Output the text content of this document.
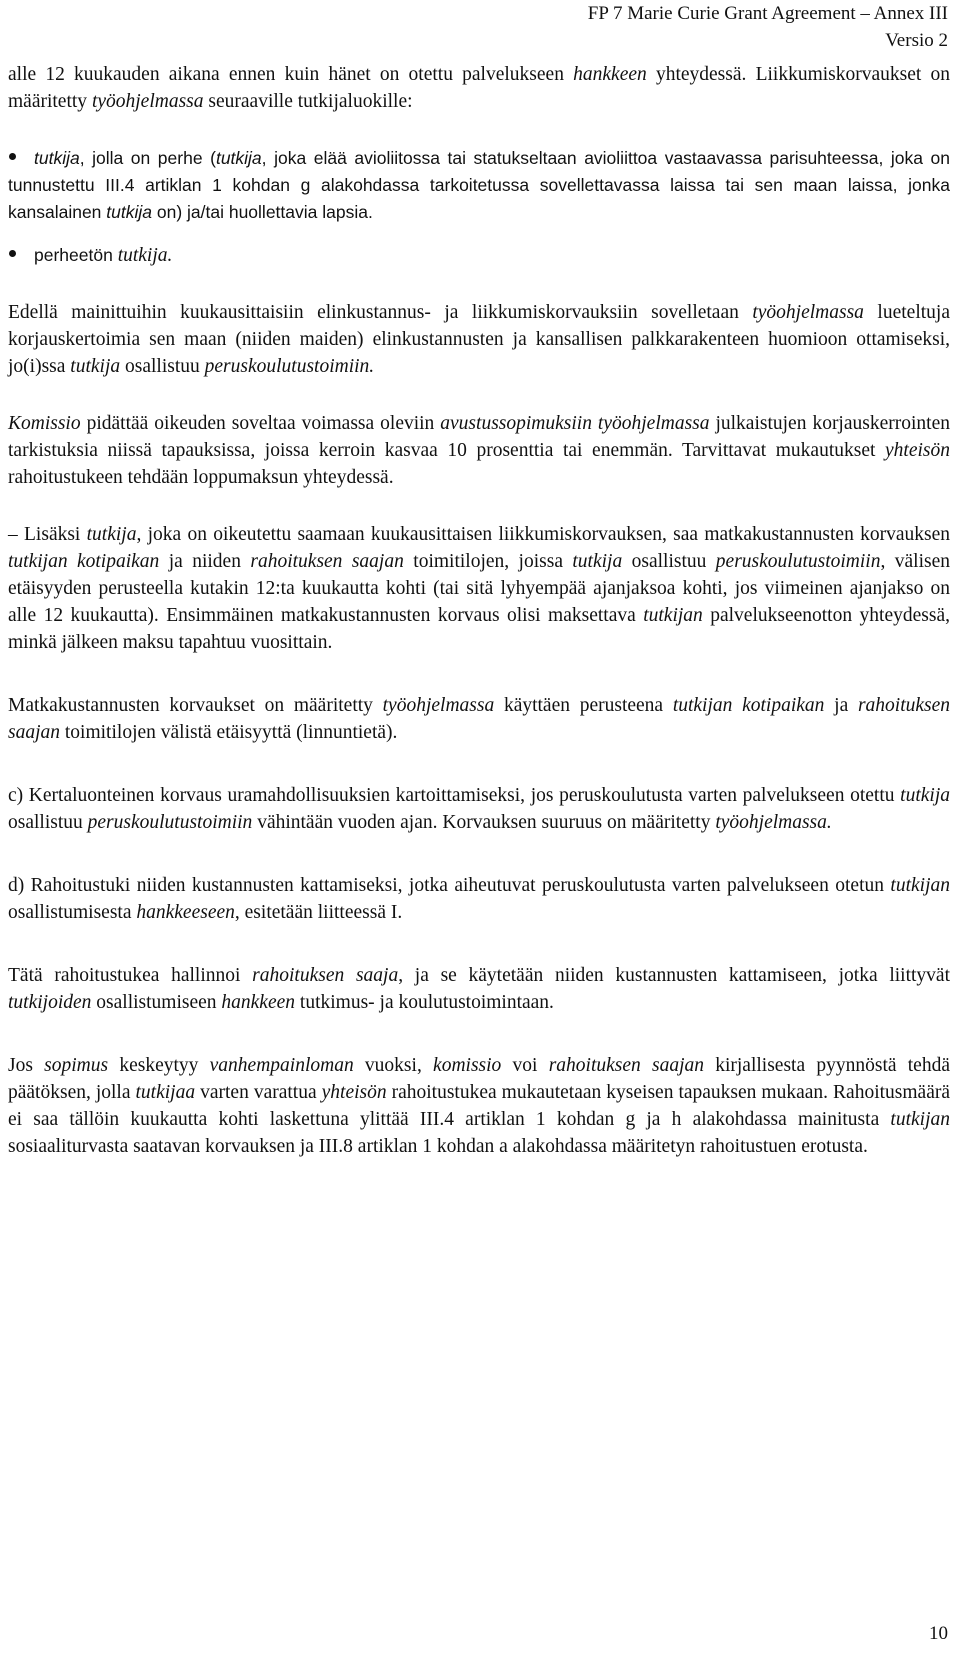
FP 7 Marie Curie Grant Agreement – Annex III
Versio 2

alle 12 kuukauden aikana ennen kuin hänet on otettu palvelukseen hankkeen yhteydessä. Liikkumiskorvaukset on määritetty työohjelmassa seuraaville tutkijaluokille:

tutkija, jolla on perhe (tutkija, joka elää avioliitossa tai statukseltaan avioliittoa vastaavassa parisuhteessa, joka on tunnustettu III.4 artiklan 1 kohdan g alakohdassa tarkoitetussa sovellettavassa laissa tai sen maan laissa, jonka kansalainen tutkija on) ja/tai huollettavia lapsia.

perheetön tutkija.

Edellä mainittuihin kuukausittaisiin elinkustannus- ja liikkumiskorvauksiin sovelletaan työohjelmassa lueteltuja korjauskertoimia sen maan (niiden maiden) elinkustannusten ja kansallisen palkkarakenteen huomioon ottamiseksi, jo(i)ssa tutkija osallistuu peruskoulutustoimiin.

Komissio pidättää oikeuden soveltaa voimassa oleviin avustussopimuksiin työohjelmassa julkaistujen korjauskerrointen tarkistuksia niissä tapauksissa, joissa kerroin kasvaa 10 prosenttia tai enemmän. Tarvittavat mukautukset yhteisön rahoitustukeen tehdään loppumaksun yhteydessä.

– Lisäksi tutkija, joka on oikeutettu saamaan kuukausittaisen liikkumiskorvauksen, saa matkakustannusten korvauksen tutkijan kotipaikan ja niiden rahoituksen saajan toimitilojen, joissa tutkija osallistuu peruskoulutustoimiin, välisen etäisyyden perusteella kutakin 12:ta kuukautta kohti (tai sitä lyhyempää ajanjaksoa kohti, jos viimeinen ajanjakso on alle 12 kuukautta). Ensimmäinen matkakustannusten korvaus olisi maksettava tutkijan palvelukseenotton yhteydessä, minkä jälkeen maksu tapahtuu vuosittain.

Matkakustannusten korvaukset on määritetty työohjelmassa käyttäen perusteena tutkijan kotipaikan ja rahoituksen saajan toimitilojen välistä etäisyyttä (linnuntietä).

c) Kertaluonteinen korvaus uramahdollisuuksien kartoittamiseksi, jos peruskoulutusta varten palvelukseen otettu tutkija osallistuu peruskoulutustoimiin vähintään vuoden ajan. Korvauksen suuruus on määritetty työohjelmassa.

d) Rahoitustuki niiden kustannusten kattamiseksi, jotka aiheutuvat peruskoulutusta varten palvelukseen otetun tutkijan osallistumisesta hankkeeseen, esitetään liitteessä I.

Tätä rahoitustukea hallinnoi rahoituksen saaja, ja se käytetään niiden kustannusten kattamiseen, jotka liittyvät tutkijoiden osallistumiseen hankkeen tutkimus- ja koulutustoimintaan.

Jos sopimus keskeytyy vanhempainloman vuoksi, komissio voi rahoituksen saajan kirjallisesta pyynnöstä tehdä päätöksen, jolla tutkijaa varten varattua yhteisön rahoitustukea mukautetaan kyseisen tapauksen mukaan. Rahoitusmäärä ei saa tällöin kuukautta kohti laskettuna ylittää III.4 artiklan 1 kohdan g ja h alakohdassa mainitusta tutkijan sosiaaliturvasta saatavan korvauksen ja III.8 artiklan 1 kohdan a alakohdassa määritetyn rahoitustuen erotusta.

10
